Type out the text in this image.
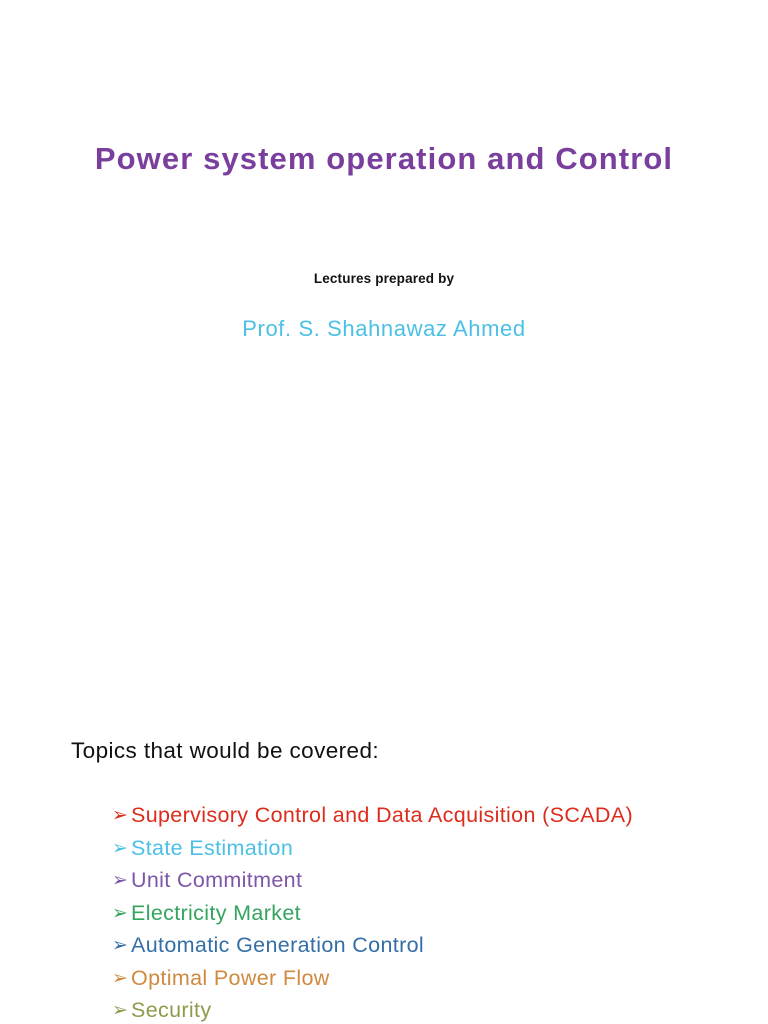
Power system operation and Control
Lectures prepared by
Prof. S. Shahnawaz Ahmed
Topics that would be covered:
➢ Supervisory Control and Data Acquisition (SCADA)
➢ State Estimation
➢ Unit Commitment
➢ Electricity Market
➢ Automatic Generation Control
➢ Optimal Power Flow
➢ Security
